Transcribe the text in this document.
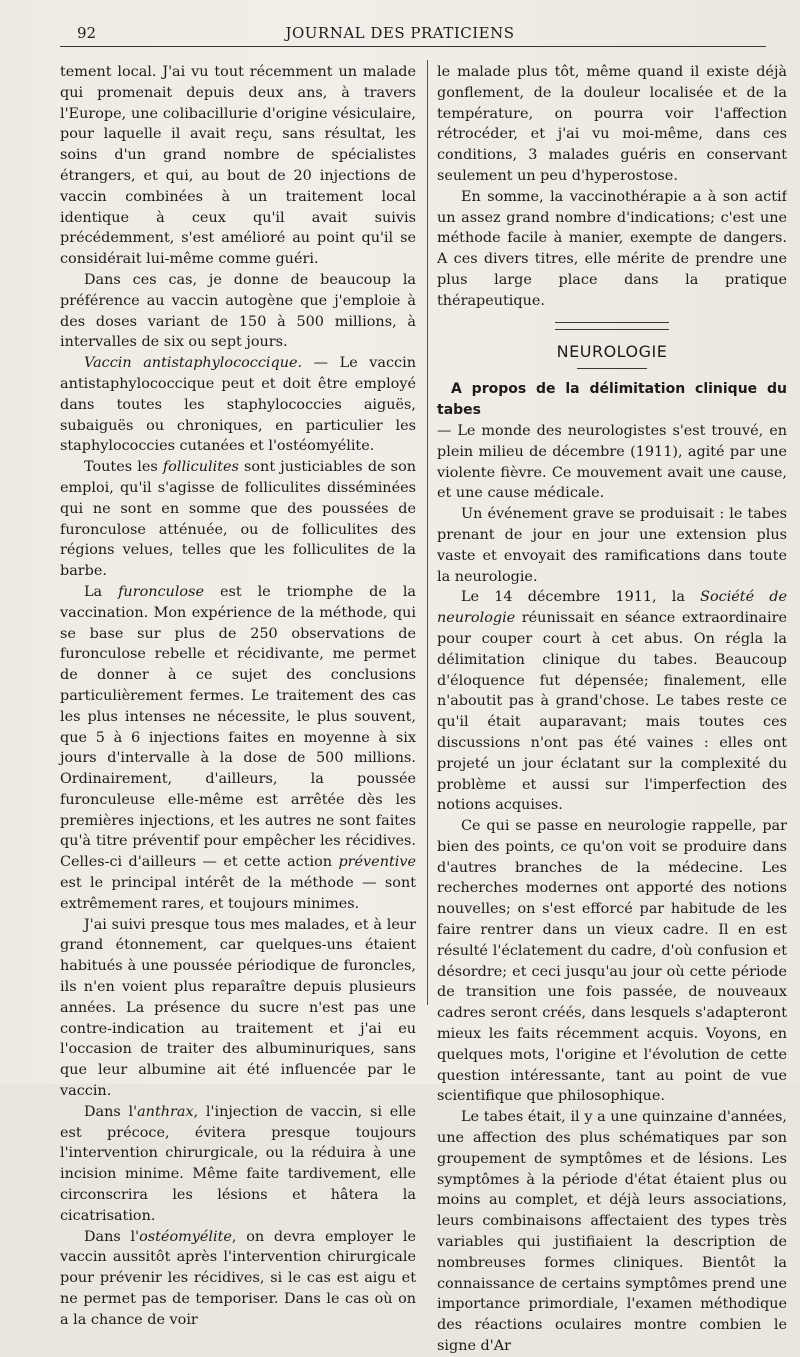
92	JOURNAL DES PRATICIENS

tement local. J'ai vu tout récemment un malade qui promenait depuis deux ans, à travers l'Europe, une colibacillurie d'origine vésiculaire, pour laquelle il avait reçu, sans résultat, les soins d'un grand nombre de spécialistes étrangers, et qui, au bout de 20 injections de vaccin combinées à un traitement local identique à ceux qu'il avait suivis précédemment, s'est amélioré au point qu'il se considérait lui-même comme guéri.

Dans ces cas, je donne de beaucoup la préférence au vaccin autogène que j'emploie à des doses variant de 150 à 500 millions, à intervalles de six ou sept jours.

Vaccin antistaphylococcique. — Le vaccin antistaphylococcique peut et doit être employé dans toutes les staphylococcies aiguës, subaiguës ou chroniques, en particulier les staphylococcies cutanées et l'ostéomyélite.

Toutes les folliculites sont justiciables de son emploi, qu'il s'agisse de folliculites disséminées qui ne sont en somme que des poussées de furonculose atténuée, ou de folliculites des régions velues, telles que les folliculites de la barbe.

La furonculose est le triomphe de la vaccination. Mon expérience de la méthode, qui se base sur plus de 250 observations de furonculose rebelle et récidivante, me permet de donner à ce sujet des conclusions particulièrement fermes. Le traitement des cas les plus intenses ne nécessite, le plus souvent, que 5 à 6 injections faites en moyenne à six jours d'intervalle à la dose de 500 millions. Ordinairement, d'ailleurs, la poussée furonculeuse elle-même est arrêtée dès les premières injections, et les autres ne sont faites qu'à titre préventif pour empêcher les récidives. Celles-ci d'ailleurs — et cette action préventive est le principal intérêt de la méthode — sont extrêmement rares, et toujours minimes.

J'ai suivi presque tous mes malades, et à leur grand étonnement, car quelques-uns étaient habitués à une poussée périodique de furoncles, ils n'en voient plus reparaître depuis plusieurs années. La présence du sucre n'est pas une contre-indication au traitement et j'ai eu l'occasion de traiter des albuminuriques, sans que leur albumine ait été influencée par le vaccin.

Dans l'anthrax, l'injection de vaccin, si elle est précoce, évitera presque toujours l'intervention chirurgicale, ou la réduira à une incision minime. Même faite tardivement, elle circonscrira les lésions et hâtera la cicatrisation.

Dans l'ostéomyélite, on devra employer le vaccin aussitôt après l'intervention chirurgicale pour prévenir les récidives, si le cas est aigu et ne permet pas de temporiser. Dans le cas où on a la chance de voir

le malade plus tôt, même quand il existe déjà gonflement, de la douleur localisée et de la température, on pourra voir l'affection rétrocéder, et j'ai vu moi-même, dans ces conditions, 3 malades guéris en conservant seulement un peu d'hyperostose.

En somme, la vaccinothérapie a à son actif un assez grand nombre d'indications; c'est une méthode facile à manier, exempte de dangers. A ces divers titres, elle mérite de prendre une plus large place dans la pratique thérapeutique.

NEUROLOGIE

A propos de la délimitation clinique du tabes

— Le monde des neurologistes s'est trouvé, en plein milieu de décembre (1911), agité par une violente fièvre. Ce mouvement avait une cause, et une cause médicale.

Un événement grave se produisait : le tabes prenant de jour en jour une extension plus vaste et envoyait des ramifications dans toute la neurologie.

Le 14 décembre 1911, la Société de neurologie réunissait en séance extraordinaire pour couper court à cet abus. On régla la délimitation clinique du tabes. Beaucoup d'éloquence fut dépensée; finalement, elle n'aboutit pas à grand'chose. Le tabes reste ce qu'il était auparavant; mais toutes ces discussions n'ont pas été vaines : elles ont projeté un jour éclatant sur la complexité du problème et aussi sur l'imperfection des notions acquises.

Ce qui se passe en neurologie rappelle, par bien des points, ce qu'on voit se produire dans d'autres branches de la médecine. Les recherches modernes ont apporté des notions nouvelles; on s'est efforcé par habitude de les faire rentrer dans un vieux cadre. Il en est résulté l'éclatement du cadre, d'où confusion et désordre; et ceci jusqu'au jour où cette période de transition une fois passée, de nouveaux cadres seront créés, dans lesquels s'adapteront mieux les faits récemment acquis. Voyons, en quelques mots, l'origine et l'évolution de cette question intéressante, tant au point de vue scientifique que philosophique.

Le tabes était, il y a une quinzaine d'années, une affection des plus schématiques par son groupement de symptômes et de lésions. Les symptômes à la période d'état étaient plus ou moins au complet, et déjà leurs associations, leurs combinaisons affectaient des types très variables qui justifiaient la description de nombreuses formes cliniques. Bientôt la connaissance de certains symptômes prend une importance primordiale, l'examen méthodique des réactions oculaires montre combien le signe d'Ar
